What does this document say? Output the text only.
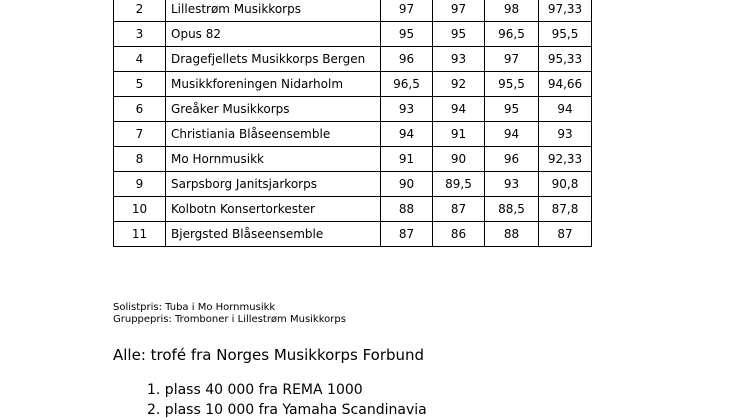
2	Lillestrøm Musikkorps	97	97	98	97,33
3	Opus 82	95	95	96,5	95,5
4	Dragefjellets Musikkorps Bergen	96	93	97	95,33
5	Musikkforeningen Nidarholm	96,5	92	95,5	94,66
6	Greåker Musikkorps	93	94	95	94
7	Christiania Blåseensemble	94	91	94	93
8	Mo Hornmusikk	91	90	96	92,33
9	Sarpsborg Janitsjarkorps	90	89,5	93	90,8
10	Kolbotn Konsertorkester	88	87	88,5	87,8
11	Bjergsted Blåseensemble	87	86	88	87
Solistpris: Tuba i Mo Hornmusikk
Gruppepris: Tromboner i Lillestrøm Musikkorps
Alle: trofé fra Norges Musikkorps Forbund
1. plass 40 000 fra REMA 1000
2. plass 10 000 fra Yamaha Scandinavia
